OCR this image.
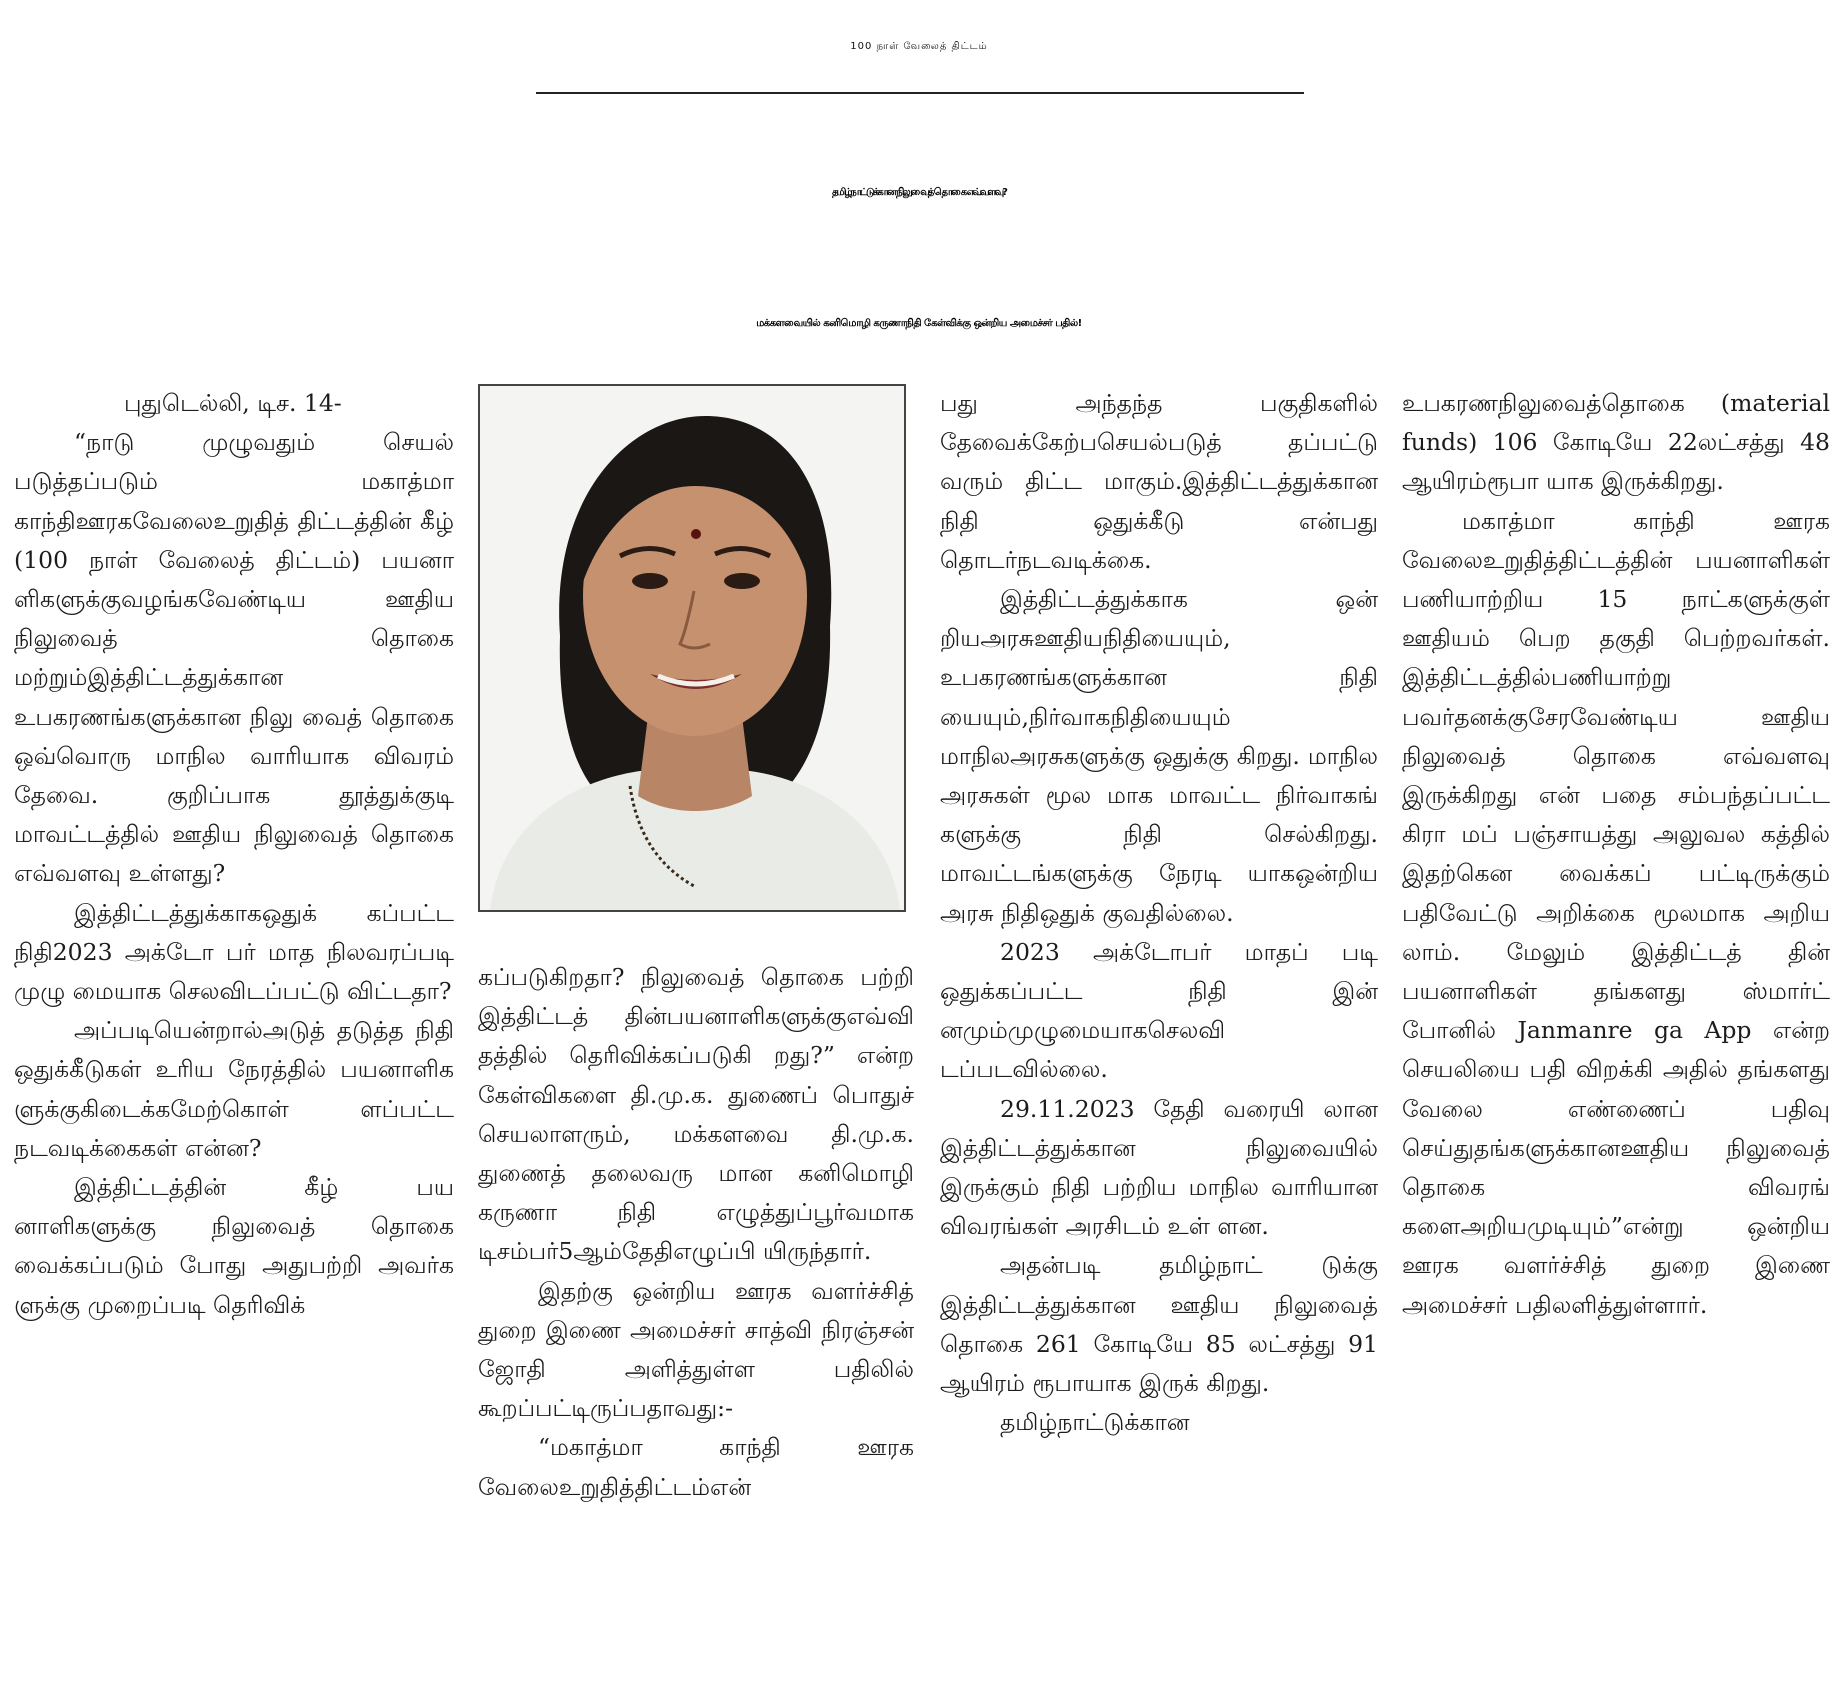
100 நாள் வேலைத் திட்டம்
தமிழ்நாட்டுக்கான நிலுவைத் தொகை எவ்வளவு?
மக்களவையில் கனிமொழி கருணாநிதி கேள்விக்கு ஒன்றிய அமைச்சர் பதில்!

புதுடெல்லி, டிச. 14-

“நாடு முழுவதும் செயல் படுத்தப்படும் மகாத்மா காந்திஊரகவேலைஉறுதித் திட்டத்தின் கீழ் (100 நாள் வேலைத் திட்டம்) பயனா ளிகளுக்குவழங்கவேண்டிய ஊதிய நிலுவைத் தொகை மற்றும்இத்திட்டத்துக்கான உபகரணங்களுக்கான நிலு வைத் தொகை ஒவ்வொரு மாநில வாரியாக விவரம் தேவை. குறிப்பாக தூத்துக்குடி மாவட்டத்தில் ஊதிய நிலுவைத் தொகை எவ்வளவு உள்ளது?

இத்திட்டத்துக்காகஒதுக் கப்பட்ட நிதி2023 அக்டோ பர் மாத நிலவரப்படி முழு மையாக செலவிடப்பட்டு விட்டதா?

அப்படியென்றால்அடுத் தடுத்த நிதி ஒதுக்கீடுகள் உரிய நேரத்தில் பயனாளிக ளுக்குகிடைக்கமேற்கொள் ளப்பட்ட நடவடிக்கைகள் என்ன?

இத்திட்டத்தின் கீழ் பய னாளிகளுக்கு நிலுவைத் தொகை வைக்கப்படும் போது அதுபற்றி அவர்க ளுக்கு முறைப்படி தெரிவிக்

கப்படுகிறதா? நிலுவைத் தொகை பற்றி இத்திட்டத் தின்பயனாளிகளுக்குஎவ்வி தத்தில் தெரிவிக்கப்படுகி றது?” என்ற கேள்விகளை தி.மு.க. துணைப் பொதுச் செயலாளரும், மக்களவை தி.மு.க. துணைத் தலைவரு மான கனிமொழி கருணா நிதி எழுத்துப்பூர்வமாக டிசம்பர்5ஆம்தேதிஎழுப்பி யிருந்தார்.

இதற்கு ஒன்றிய ஊரக வளர்ச்சித் துறை இணை அமைச்சர் சாத்வி நிரஞ்சன் ஜோதி அளித்துள்ள பதிலில் கூறப்பட்டிருப்பதாவது:-

“மகாத்மா காந்தி ஊரக வேலைஉறுதித்திட்டம்என்

பது அந்தந்த பகுதிகளில் தேவைக்கேற்பசெயல்படுத் தப்பட்டு வரும் திட்ட மாகும்.இத்திட்டத்துக்கான நிதி ஒதுக்கீடு என்பது தொடர்நடவடிக்கை.

இத்திட்டத்துக்காக ஒன் றியஅரசுஊதியநிதியையும், உபகரணங்களுக்கான நிதி யையும்,நிர்வாகநிதியையும் மாநிலஅரசுகளுக்கு ஒதுக்கு கிறது. மாநில அரசுகள் மூல மாக மாவட்ட நிர்வாகங் களுக்கு நிதி செல்கிறது. மாவட்டங்களுக்கு நேரடி யாகஒன்றிய அரசு நிதிஒதுக் குவதில்லை.

2023 அக்டோபர் மாதப் படி ஒதுக்கப்பட்ட நிதி இன் னமும்முழுமையாகசெலவி டப்படவில்லை.

29.11.2023 தேதி வரையி லான இத்திட்டத்துக்கான நிலுவையில் இருக்கும் நிதி பற்றிய மாநில வாரியான விவரங்கள் அரசிடம் உள் ளன.

அதன்படி தமிழ்நாட் டுக்கு இத்திட்டத்துக்கான ஊதிய நிலுவைத் தொகை 261 கோடியே 85 லட்சத்து 91 ஆயிரம் ரூபாயாக இருக் கிறது.

தமிழ்நாட்டுக்கான

உபகரணநிலுவைத்தொகை (material funds) 106 கோடியே 22லட்சத்து 48 ஆயிரம்ரூபா யாக இருக்கிறது.

மகாத்மா காந்தி ஊரக வேலைஉறுதித்திட்டத்தின் பயனாளிகள் பணியாற்றிய 15 நாட்களுக்குள் ஊதியம் பெற தகுதி பெற்றவர்கள். இத்திட்டத்தில்பணியாற்று பவர்தனக்குசேரவேண்டிய ஊதிய நிலுவைத் தொகை எவ்வளவு இருக்கிறது என் பதை சம்பந்தப்பட்ட கிரா மப் பஞ்சாயத்து அலுவல கத்தில் இதற்கென வைக்கப் பட்டிருக்கும் பதிவேட்டு அறிக்கை மூலமாக அறிய லாம். மேலும் இத்திட்டத் தின் பயனாளிகள் தங்களது ஸ்மார்ட் போனில் Janmanre ga App என்ற செயலியை பதி விறக்கி அதில் தங்களது வேலை எண்ணைப் பதிவு செய்துதங்களுக்கானஊதிய நிலுவைத் தொகை விவரங் களைஅறியமுடியும்”என்று ஒன்றிய ஊரக வளர்ச்சித் துறை இணை அமைச்சர் பதிலளித்துள்ளார்.
